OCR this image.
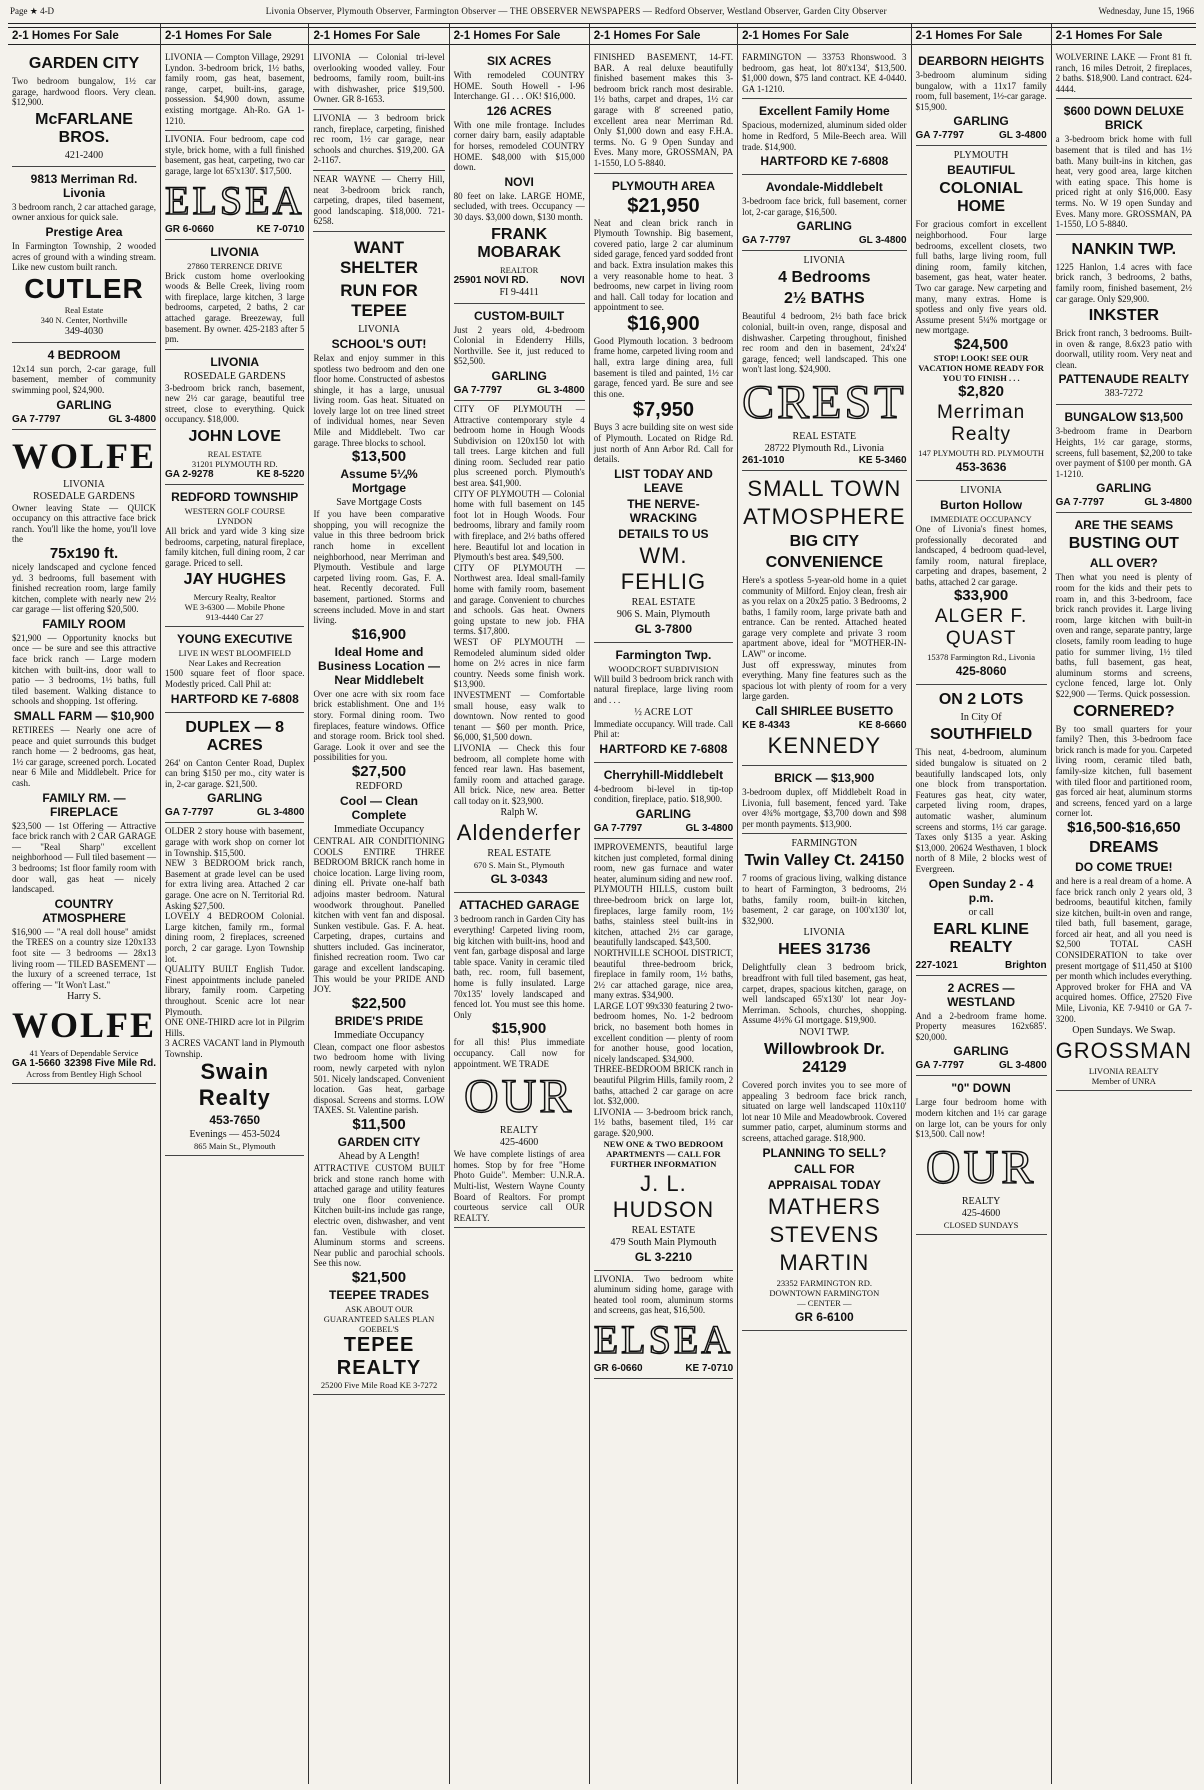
Page ★ 4-D	Livonia Observer, Plymouth Observer, Farmington Observer — THE OBSERVER NEWSPAPERS — Redford Observer, Westland Observer, Garden City Observer	Wednesday, June 15, 1966
2-1 Homes For Sale
GARDEN CITY

Two bedroom bungalow, 1½ car garage, hardwood floors. Very clean. $12,900.

McFARLANE BROS.
421-2400
9813 Merriman Rd. Livonia

3 bedroom ranch, 2 car attached garage, owner anxious for quick sale.

Prestige Area

In Farmington Township, 2 wooded acres of ground with a winding stream. Like new custom built ranch.

CUTLER
Real Estate
340 N. Center, Northville
349-4030
4 BEDROOM

12x14 sun porch, 2-car garage, full basement, member of community swimming pool, $24,900.

GARLING
GA 7-7797	GL 3-4800
WOLFE
LIVONIA
ROSEDALE GARDENS

Owner leaving State — QUICK occupancy on this attractive face brick ranch. You'll like the home, you'll love the

75x190 ft.

nicely landscaped and cyclone fenced yd. 3 bedrooms, full basement with finished recreation room, large family kitchen, complete with nearly new 2½ car garage — list offering $20,500.

FAMILY ROOM

$21,900 — Opportunity knocks but once — be sure and see this attractive face brick ranch — Large modern kitchen with built-ins, door wall to patio — 3 bedrooms, 1½ baths, full tiled basement. Walking distance to schools and shopping. 1st offering.

SMALL FARM — $10,900

RETIREES — Nearly one acre of peace and quiet surrounds this budget ranch home — 2 bedrooms, gas heat, 1½ car garage, screened porch. Located near 6 Mile and Middlebelt. Price for cash.

FAMILY RM. — FIREPLACE

$23,500 — 1st Offering — Attractive face brick ranch with 2 CAR GARAGE — "Real Sharp" excellent neighborhood — Full tiled basement — 3 bedrooms; 1st floor family room with door wall, gas heat — nicely landscaped.

COUNTRY ATMOSPHERE

$16,900 — "A real doll house" amidst the TREES on a country size 120x133 foot site — 3 bedrooms — 28x13 living room — TILED BASEMENT — the luxury of a screened terrace, 1st offering — "It Won't Last."

Harry S.
WOLFE
41 Years of Dependable Service
GA 1-5660 32398 Five Mile Rd.
Across from Bentley High School
2-1 Homes For Sale

LIVONIA — Compton Village, 29291 Lyndon. 3-bedroom brick, 1½ baths, family room, gas heat, basement, range, carpet, built-ins, garage, possession. $4,900 down, assume existing mortgage. Ah-Ro. GA 1-1210.

LIVONIA. Four bedroom, cape cod style, brick home, with a full finished basement, gas heat, carpeting, two car garage, large lot 65'x130'. $17,500.

ELSEA
GR 6-0660	KE 7-0710
LIVONIA
27860 TERRENCE DRIVE

Brick custom home overlooking woods & Belle Creek, living room with fireplace, large kitchen, 3 large bedrooms, carpeted, 2 baths, 2 car attached garage. Breezeway, full basement. By owner. 425-2183 after 5 pm.

LIVONIA
ROSEDALE GARDENS

3-bedroom brick ranch, basement, new 2½ car garage, beautiful tree street, close to everything. Quick occupancy. $18,000.

JOHN LOVE
REAL ESTATE
31201 PLYMOUTH RD.
GA 2-9278	KE 8-5220
REDFORD TOWNSHIP
WESTERN GOLF COURSE
LYNDON

All brick and yard wide 3 king size bedrooms, carpeting, natural fireplace, family kitchen, full dining room, 2 car garage. Priced to sell.

JAY HUGHES
Mercury Realty, Realtor
WE 3-6300 — Mobile Phone
913-4440 Car 27
YOUNG EXECUTIVE
LIVE IN WEST BLOOMFIELD
Near Lakes and Recreation

1500 square feet of floor space. Modestly priced. Call Phil at:

HARTFORD KE 7-6808
DUPLEX — 8 ACRES

264' on Canton Center Road, Duplex can bring $150 per mo., city water is in, 2-car garage. $21,500.

GARLING
GA 7-7797	GL 3-4800

OLDER 2 story house with basement, garage with work shop on corner lot in Township. $15,500.

NEW 3 BEDROOM brick ranch, Basement at grade level can be used for extra living area. Attached 2 car garage. One acre on N. Territorial Rd. Asking $27,500.

LOVELY 4 BEDROOM Colonial. Large kitchen, family rm., formal dining room, 2 fireplaces, screened porch, 2 car garage. Lyon Township lot.

QUALITY BUILT English Tudor. Finest appointments include paneled library, family room. Carpeting throughout. Scenic acre lot near Plymouth.

ONE ONE-THIRD acre lot in Pilgrim Hills.

3 ACRES VACANT land in Plymouth Township.

Swain Realty
453-7650
Evenings — 453-5024
865 Main St., Plymouth
2-1 Homes For Sale

LIVONIA — Colonial tri-level overlooking wooded valley. Four bedrooms, family room, built-ins with dishwasher, price $19,500. Owner. GR 8-1653.

LIVONIA — 3 bedroom brick ranch, fireplace, carpeting, finished rec room, 1½ car garage, near schools and churches. $19,200. GA 2-1167.

NEAR WAYNE — Cherry Hill, neat 3-bedroom brick ranch, carpeting, drapes, tiled basement, good landscaping. $18,000. 721-6258.

WANT SHELTER
RUN FOR TEPEE
LIVONIA
SCHOOL'S OUT!

Relax and enjoy summer in this spotless two bedroom and den one floor home. Constructed of asbestos shingle, it has a large, unusual living room. Gas heat. Situated on lovely large lot on tree lined street of individual homes, near Seven Mile and Middlebelt. Two car garage. Three blocks to school.

$13,500
Assume 5¼% Mortgage
Save Mortgage Costs

If you have been comparative shopping, you will recognize the value in this three bedroom brick ranch home in excellent neighborhood, near Merriman and Plymouth. Vestibule and large carpeted living room. Gas, F. A. heat. Recently decorated. Full basement, partioned. Storms and screens included. Move in and start living.

$16,900
Ideal Home and Business Location — Near Middlebelt

Over one acre with six room face brick establishment. One and 1½ story. Formal dining room. Two fireplaces, feature windows. Office and storage room. Brick tool shed. Garage. Look it over and see the possibilities for you.

$27,500
REDFORD
Cool — Clean Complete
Immediate Occupancy

CENTRAL AIR CONDITIONING COOLS ENTIRE THREE BEDROOM BRICK ranch home in choice location. Large living room, dining ell. Private one-half bath adjoins master bedroom. Natural woodwork throughout. Panelled kitchen with vent fan and disposal. Sunken vestibule. Gas. F. A. heat. Carpeting, drapes, curtains and shutters included. Gas incinerator, finished recreation room. Two car garage and excellent landscaping. This would be your PRIDE AND JOY.

$22,500
BRIDE'S PRIDE
Immediate Occupancy

Clean, compact one floor asbestos two bedroom home with living room, newly carpeted with nylon 501. Nicely landscaped. Convenient location. Gas heat, garbage disposal. Screens and storms. LOW TAXES. St. Valentine parish.

$11,500
GARDEN CITY
Ahead by A Length!

ATTRACTIVE CUSTOM BUILT brick and stone ranch home with attached garage and utility features truly one floor convenience. Kitchen built-ins include gas range, electric oven, dishwasher, and vent fan. Vestibule with closet. Aluminum storms and screens. Near public and parochial schools. See this now.

$21,500
TEEPEE TRADES
ASK ABOUT OUR
GUARANTEED SALES PLAN
GOEBEL'S
TEPEE REALTY
25200 Five Mile Road KE 3-7272
2-1 Homes For Sale
SIX ACRES

With remodeled COUNTRY HOME. South Howell - I-96 Interchange. GI . . . OK! $16,000.

126 ACRES

With one mile frontage. Includes corner dairy barn, easily adaptable for horses, remodeled COUNTRY HOME. $48,000 with $15,000 down.

NOVI

80 feet on lake. LARGE HOME, secluded, with trees. Occupancy — 30 days. $3,000 down, $130 month.

FRANK MOBARAK
REALTOR
25901 NOVI RD.	NOVI
FI 9-4411
CUSTOM-BUILT

Just 2 years old, 4-bedroom Colonial in Edenderry Hills, Northville. See it, just reduced to $52,500.

GARLING
GA 7-7797	GL 3-4800

CITY OF PLYMOUTH — Attractive contemporary style 4 bedroom home in Hough Woods Subdivision on 120x150 lot with tall trees. Large kitchen and full dining room. Secluded rear patio plus screened porch. Plymouth's best area. $41,900.

CITY OF PLYMOUTH — Colonial home with full basement on 145 foot lot in Hough Woods. Four bedrooms, library and family room with fireplace, and 2½ baths offered here. Beautiful lot and location in Plymouth's best area. $49,500.

CITY OF PLYMOUTH — Northwest area. Ideal small-family home with family room, basement and garage. Convenient to churches and schools. Gas heat. Owners going upstate to new job. FHA terms. $17,800.

WEST OF PLYMOUTH — Remodeled aluminum sided older home on 2½ acres in nice farm country. Needs some finish work. $13,900.

INVESTMENT — Comfortable small house, easy walk to downtown. Now rented to good tenant — $60 per month. Price, $6,000, $1,500 down.

LIVONIA — Check this four bedroom, all complete home with fenced rear lawn. Has basement, family room and attached garage. All brick. Nice, new area. Better call today on it. $23,900.

Ralph W.
Aldenderfer
REAL ESTATE
670 S. Main St., Plymouth
GL 3-0343
ATTACHED GARAGE

3 bedroom ranch in Garden City has everything! Carpeted living room, big kitchen with built-ins, hood and vent fan, garbage disposal and large table space. Vanity in ceramic tiled bath, rec. room, full basement, home is fully insulated. Large 70x135' lovely landscaped and fenced lot. You must see this home. Only

$15,900

for all this! Plus immediate occupancy. Call now for appointment. WE TRADE

OUR
REALTY
425-4600

We have complete listings of area homes. Stop by for free "Home Photo Guide". Member: U.N.R.A. Multi-list, Western Wayne County Board of Realtors. For prompt courteous service call OUR REALTY.

2-1 Homes For Sale

FINISHED BASEMENT, 14-FT. BAR. A real deluxe beautifully finished basement makes this 3-bedroom brick ranch most desirable. 1½ baths, carpet and drapes, 1½ car garage with 8' screened patio, excellent area near Merriman Rd. Only $1,000 down and easy F.H.A. terms. No. G 9 Open Sunday and Eves. Many more, GROSSMAN, PA 1-1550, LO 5-8840.

PLYMOUTH AREA
$21,950

Neat and clean brick ranch in Plymouth Township. Big basement, covered patio, large 2 car aluminum sided garage, fenced yard sodded front and back. Extra insulation makes this a very reasonable home to heat. 3 bedrooms, new carpet in living room and hall. Call today for location and appointment to see.

$16,900

Good Plymouth location. 3 bedroom frame home, carpeted living room and hall, extra large dining area, full basement is tiled and painted, 1½ car garage, fenced yard. Be sure and see this one.

$7,950

Buys 3 acre building site on west side of Plymouth. Located on Ridge Rd. just north of Ann Arbor Rd. Call for details.

LIST TODAY AND LEAVE
THE NERVE-WRACKING
DETAILS TO US
WM. FEHLIG
REAL ESTATE
906 S. Main, Plymouth
GL 3-7800
Farmington Twp.
WOODCROFT SUBDIVISION

Will build 3 bedroom brick ranch with natural fireplace, large living room and . . .

½ ACRE LOT

Immediate occupancy. Will trade. Call Phil at:

HARTFORD KE 7-6808
Cherryhill-Middlebelt

4-bedroom bi-level in tip-top condition, fireplace, patio. $18,900.

GARLING
GA 7-7797	GL 3-4800

IMPROVEMENTS, beautiful large kitchen just completed, formal dining room, new gas furnace and water heater, aluminum siding and new roof.

PLYMOUTH HILLS, custom built three-bedroom brick on large lot, fireplaces, large family room, 1½ baths, stainless steel built-ins in kitchen, attached 2½ car garage, beautifully landscaped. $43,500.

NORTHVILLE SCHOOL DISTRICT, beautiful three-bedroom brick, fireplace in family room, 1½ baths, 2½ car attached garage, nice area, many extras. $34,900.

LARGE LOT 99x330 featuring 2 two-bedroom homes, No. 1-2 bedroom brick, no basement both homes in excellent condition — plenty of room for another house, good location, nicely landscaped. $34,900.

THREE-BEDROOM BRICK ranch in beautiful Pilgrim Hills, family room, 2 baths, attached 2 car garage on acre lot. $32,000.

LIVONIA — 3-bedroom brick ranch, 1½ baths, basement tiled, 1½ car garage. $20,900.

NEW ONE & TWO BEDROOM APARTMENTS — CALL FOR FURTHER INFORMATION
J. L. HUDSON
REAL ESTATE
479 South Main Plymouth
GL 3-2210

LIVONIA. Two bedroom white aluminum siding home, garage with heated tool room, aluminum storms and screens, gas heat, $16,500.

ELSEA
GR 6-0660	KE 7-0710
2-1 Homes For Sale

FARMINGTON — 33753 Rhonswood. 3 bedroom, gas heat, lot 80'x134', $13,500. $1,000 down, $75 land contract. KE 4-0440. GA 1-1210.

Excellent Family Home

Spacious, modernized, aluminum sided older home in Redford, 5 Mile-Beech area. Will trade. $14,900.

HARTFORD KE 7-6808
Avondale-Middlebelt

3-bedroom face brick, full basement, corner lot, 2-car garage, $16,500.

GARLING
GA 7-7797	GL 3-4800
LIVONIA
4 Bedrooms
2½ BATHS

Beautiful 4 bedroom, 2½ bath face brick colonial, built-in oven, range, disposal and dishwasher. Carpeting throughout, finished rec room and den in basement, 24'x24' garage, fenced; well landscaped. This one won't last long. $24,900.

CREST
REAL ESTATE
28722 Plymouth Rd., Livonia
261-1010	KE 5-3460
SMALL TOWN
ATMOSPHERE
BIG CITY
CONVENIENCE

Here's a spotless 5-year-old home in a quiet community of Milford. Enjoy clean, fresh air as you relax on a 20x25 patio. 3 Bedrooms, 2 baths, 1 family room, large private bath and entrance. Can be rented. Attached heated garage very complete and private 3 room apartment above, ideal for "MOTHER-IN-LAW" or income.

Just off expressway, minutes from everything. Many fine features such as the spacious lot with plenty of room for a very large garden.

Call SHIRLEE BUSETTO
KE 8-4343	KE 8-6660
KENNEDY
BRICK — $13,900

3-bedroom duplex, off Middlebelt Road in Livonia, full basement, fenced yard. Take over 4¾% mortgage, $3,700 down and $98 per month payments. $13,900.

FARMINGTON
Twin Valley Ct. 24150

7 rooms of gracious living, walking distance to heart of Farmington, 3 bedrooms, 2½ baths, family room, built-in kitchen, basement, 2 car garage, on 100'x130' lot, $32,900.

LIVONIA
HEES 31736

Delightfully clean 3 bedroom brick, breadfront with full tiled basement, gas heat, carpet, drapes, spacious kitchen, garage, on well landscaped 65'x130' lot near Joy-Merriman. Schools, churches, shopping. Assume 4½% GI mortgage. $19,900.

NOVI TWP.
Willowbrook Dr. 24129

Covered porch invites you to see more of appealing 3 bedroom face brick ranch, situated on large well landscaped 110x110' lot near 10 Mile and Meadowbrook. Covered summer patio, carpet, aluminum storms and screens, attached garage. $18,900.

PLANNING TO SELL?
CALL FOR
APPRAISAL TODAY
MATHERS
STEVENS
MARTIN
23352 FARMINGTON RD.
DOWNTOWN FARMINGTON
— CENTER —
GR 6-6100
2-1 Homes For Sale
DEARBORN HEIGHTS

3-bedroom aluminum siding bungalow, with a 11x17 family room, full basement, 1½-car garage. $15,900.

GARLING
GA 7-7797	GL 3-4800
PLYMOUTH
BEAUTIFUL
COLONIAL HOME

For gracious comfort in excellent neighborhood. Four large bedrooms, excellent closets, two full baths, large living room, full dining room, family kitchen, basement, gas heat, water heater. Two car garage. New carpeting and many, many extras. Home is spotless and only five years old. Assume present 5¼% mortgage or new mortgage.

$24,500
STOP! LOOK! SEE OUR VACATION HOME READY FOR YOU TO FINISH . . .
$2,820
Merriman Realty
147 PLYMOUTH RD. PLYMOUTH
453-3636
LIVONIA
Burton Hollow
IMMEDIATE OCCUPANCY

One of Livonia's finest homes, professionally decorated and landscaped, 4 bedroom quad-level, family room, natural fireplace, carpeting and drapes, basement, 2 baths, attached 2 car garage.

$33,900
ALGER F. QUAST
15378 Farmington Rd., Livonia
425-8060
ON 2 LOTS
In City Of
SOUTHFIELD

This neat, 4-bedroom, aluminum sided bungalow is situated on 2 beautifully landscaped lots, only one block from transportation. Features gas heat, city water, carpeted living room, drapes, automatic washer, aluminum screens and storms, 1½ car garage. Taxes only $135 a year. Asking $13,000. 20624 Westhaven, 1 block north of 8 Mile, 2 blocks west of Evergreen.

Open Sunday 2 - 4 p.m.
or call
EARL KLINE REALTY
227-1021	Brighton
2 ACRES — WESTLAND

And a 2-bedroom frame home. Property measures 162x685'. $20,000.

GARLING
GA 7-7797	GL 3-4800
"0" DOWN

Large four bedroom home with modern kitchen and 1½ car garage on large lot, can be yours for only $13,500. Call now!

OUR
REALTY
425-4600
CLOSED SUNDAYS
2-1 Homes For Sale

WOLVERINE LAKE — Front 81 ft. ranch, 16 miles Detroit, 2 fireplaces, 2 baths. $18,900. Land contract. 624-4444.

$600 DOWN DELUXE BRICK

a 3-bedroom brick home with full basement that is tiled and has 1½ bath. Many built-ins in kitchen, gas heat, very good area, large kitchen with eating space. This home is priced right at only $16,000. Easy terms. No. W 19 open Sunday and Eves. Many more. GROSSMAN, PA 1-1550, LO 5-8840.

NANKIN TWP.

1225 Hanlon, 1.4 acres with face brick ranch, 3 bedrooms, 2 baths, family room, finished basement, 2½ car garage. Only $29,900.

INKSTER

Brick front ranch, 3 bedrooms. Built-in oven & range, 8.6x23 patio with doorwall, utility room. Very neat and clean.

PATTENAUDE REALTY
383-7272
BUNGALOW $13,500

3-bedroom frame in Dearborn Heights, 1½ car garage, storms, screens, full basement, $2,200 to take over payment of $100 per month. GA 1-1210.

GARLING
GA 7-7797	GL 3-4800
ARE THE SEAMS
BUSTING OUT
ALL OVER?

Then what you need is plenty of room for the kids and their pets to roam in, and this 3-bedroom, face brick ranch provides it. Large living room, large kitchen with built-in oven and range, separate pantry, large closets, family room leading to huge patio for summer living, 1½ tiled baths, full basement, gas heat, aluminum storms and screens, cyclone fenced, large lot. Only $22,900 — Terms. Quick possession.

CORNERED?

By too small quarters for your family? Then, this 3-bedroom face brick ranch is made for you. Carpeted living room, ceramic tiled bath, family-size kitchen, full basement with tiled floor and partitioned room, gas forced air heat, aluminum storms and screens, fenced yard on a large corner lot.

$16,500-$16,650
DREAMS
DO COME TRUE!

and here is a real dream of a home. A face brick ranch only 2 years old, 3 bedrooms, beautiful kitchen, family size kitchen, built-in oven and range, tiled bath, full basement, garage, forced air heat, and all you need is $2,500 TOTAL CASH CONSIDERATION to take over present mortgage of $11,450 at $100 per month which includes everything. Approved broker for FHA and VA acquired homes. Office, 27520 Five Mile, Livonia, KE 7-9410 or GA 7-3200.

Open Sundays. We Swap.
GROSSMAN
LIVONIA REALTY
Member of UNRA
